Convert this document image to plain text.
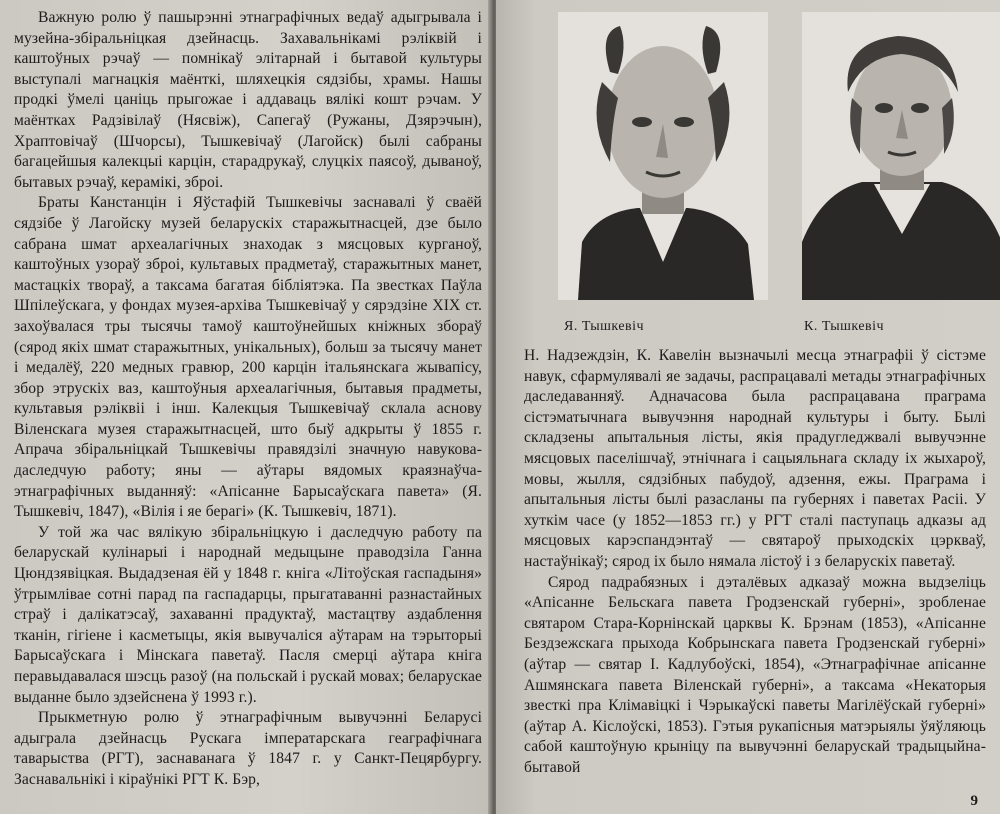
Важную ролю ў пашырэнні этнаграфічных ведаў адыгрывала і музейна-збіральніцкая дзейнасць. Захавальнікамі рэліквій і каштоўных рэчаў — помнікаў элітарнай і бытавой культуры выступалі магнацкія маёнткі, шляхецкія сядзібы, храмы. Нашы продкі ўмелі цаніць прыгожае і аддаваць вялікі кошт рэчам. У маёнтках Радзівілаў (Нясвіж), Сапегаў (Ружаны, Дзярэчын), Храптовічаў (Шчорсы), Тышкевічаў (Лагойск) былі сабраны багацейшыя калекцыі карцін, старадрукаў, слуцкіх паясоў, дываноў, бытавых рэчаў, керамікі, зброі.

Браты Канстанцін і Яўстафій Тышкевічы заснавалі ў сваёй сядзібе ў Лагойску музей беларускіх старажытнасцей, дзе было сабрана шмат археалагічных знаходак з мясцовых курганоў, каштоўных узораў зброі, культавых прадметаў, старажытных манет, мастацкіх твораў, а таксама багатая бібліятэка. Па звестках Паўла Шпілеўскага, у фондах музея-архіва Тышкевічаў у сярэдзіне XIX ст. захоўвалася тры тысячы тамоў каштоўнейшых кніжных збораў (сярод якіх шмат старажытных, унікальных), больш за тысячу манет і медалёў, 220 медных гравюр, 200 карцін італьянскага жывапісу, збор этрускіх ваз, каштоўныя археалагічныя, бытавыя прадметы, культавыя рэліквіі і інш. Калекцыя Тышкевічаў склала аснову Віленскага музея старажытнасцей, што быў адкрыты ў 1855 г. Апрача збіральніцкай Тышкевічы правядзілі значную навукова-даследчую работу; яны — аўтары вядомых краязнаўча-этнаграфічных выданняў: «Апісанне Барысаўскага павета» (Я. Тышкевіч, 1847), «Вілія і яе берагі» (К. Тышкевіч, 1871).

У той жа час вялікую збіральніцкую і даследчую работу па беларускай кулінарыі і народнай медыцыне праводзіла Ганна Цюндзявіцкая. Выдадзеная ёй у 1848 г. кніга «Літоўская гаспадыня» ўтрымлівае сотні парад па гаспадарцы, прыгатаванні разнастайных страў і далікатэсаў, захаванні прадуктаў, мастацтву аздаблення тканін, гігіене і касметыцы, якія вывучаліся аўтарам на тэрыторыі Барысаўскага і Мінскага паветаў. Пасля смерці аўтара кніга перавыдавалася шэсць разоў (на польскай і рускай мовах; беларускае выданне было здзейснена ў 1993 г.).

Прыкметную ролю ў этнаграфічным вывучэнні Беларусі адыграла дзейнасць Рускага імператарскага геаграфічнага таварыства (РГТ), заснаванага ў 1847 г. у Санкт-Пецярбургу. Заснавальнікі і кіраўнікі РГТ К. Бэр,

Я. Тышкевіч	К. Тышкевіч

Н. Надзеждзін, К. Кавелін вызначылі месца этнаграфіі ў сістэме навук, сфармулявалі яе задачы, распрацавалі метады этнаграфічных даследаванняў. Адначасова была распрацавана праграма сістэматычнага вывучэння народнай культуры і быту. Былі складзены апытальныя лісты, якія прадугледжвалі вывучэнне мясцовых паселішчаў, этнічнага і сацыяльнага складу іх жыхароў, мовы, жылля, сядзібных пабудоў, адзення, ежы. Праграма і апытальныя лісты былі разасланы па губернях і паветах Расіі. У хуткім часе (у 1852—1853 гг.) у РГТ сталі паступаць адказы ад мясцовых карэспандэнтаў — святароў прыходскіх цэркваў, настаўнікаў; сярод іх было нямала лістоў і з беларускіх паветаў.

Сярод падрабязных і дэталёвых адказаў можна выдзеліць «Апісанне Бельскага павета Гродзенскай губерні», зробленае святаром Стара-Корнінскай царквы К. Брэнам (1853), «Апісанне Бездзежскага прыхода Кобрынскага павета Гродзенскай губерні» (аўтар — святар І. Кадлубоўскі, 1854), «Этнаграфічнае апісанне Ашмянскага павета Віленскай губерні», а таксама «Некаторыя звесткі пра Клімавіцкі і Чэрыкаўскі паветы Магілёўскай губерні» (аўтар А. Кіслоўскі, 1853). Гэтыя рукапісныя матэрыялы ўяўляюць сабой каштоўную крыніцу па вывучэнні беларускай традыцыйна-бытавой

9
